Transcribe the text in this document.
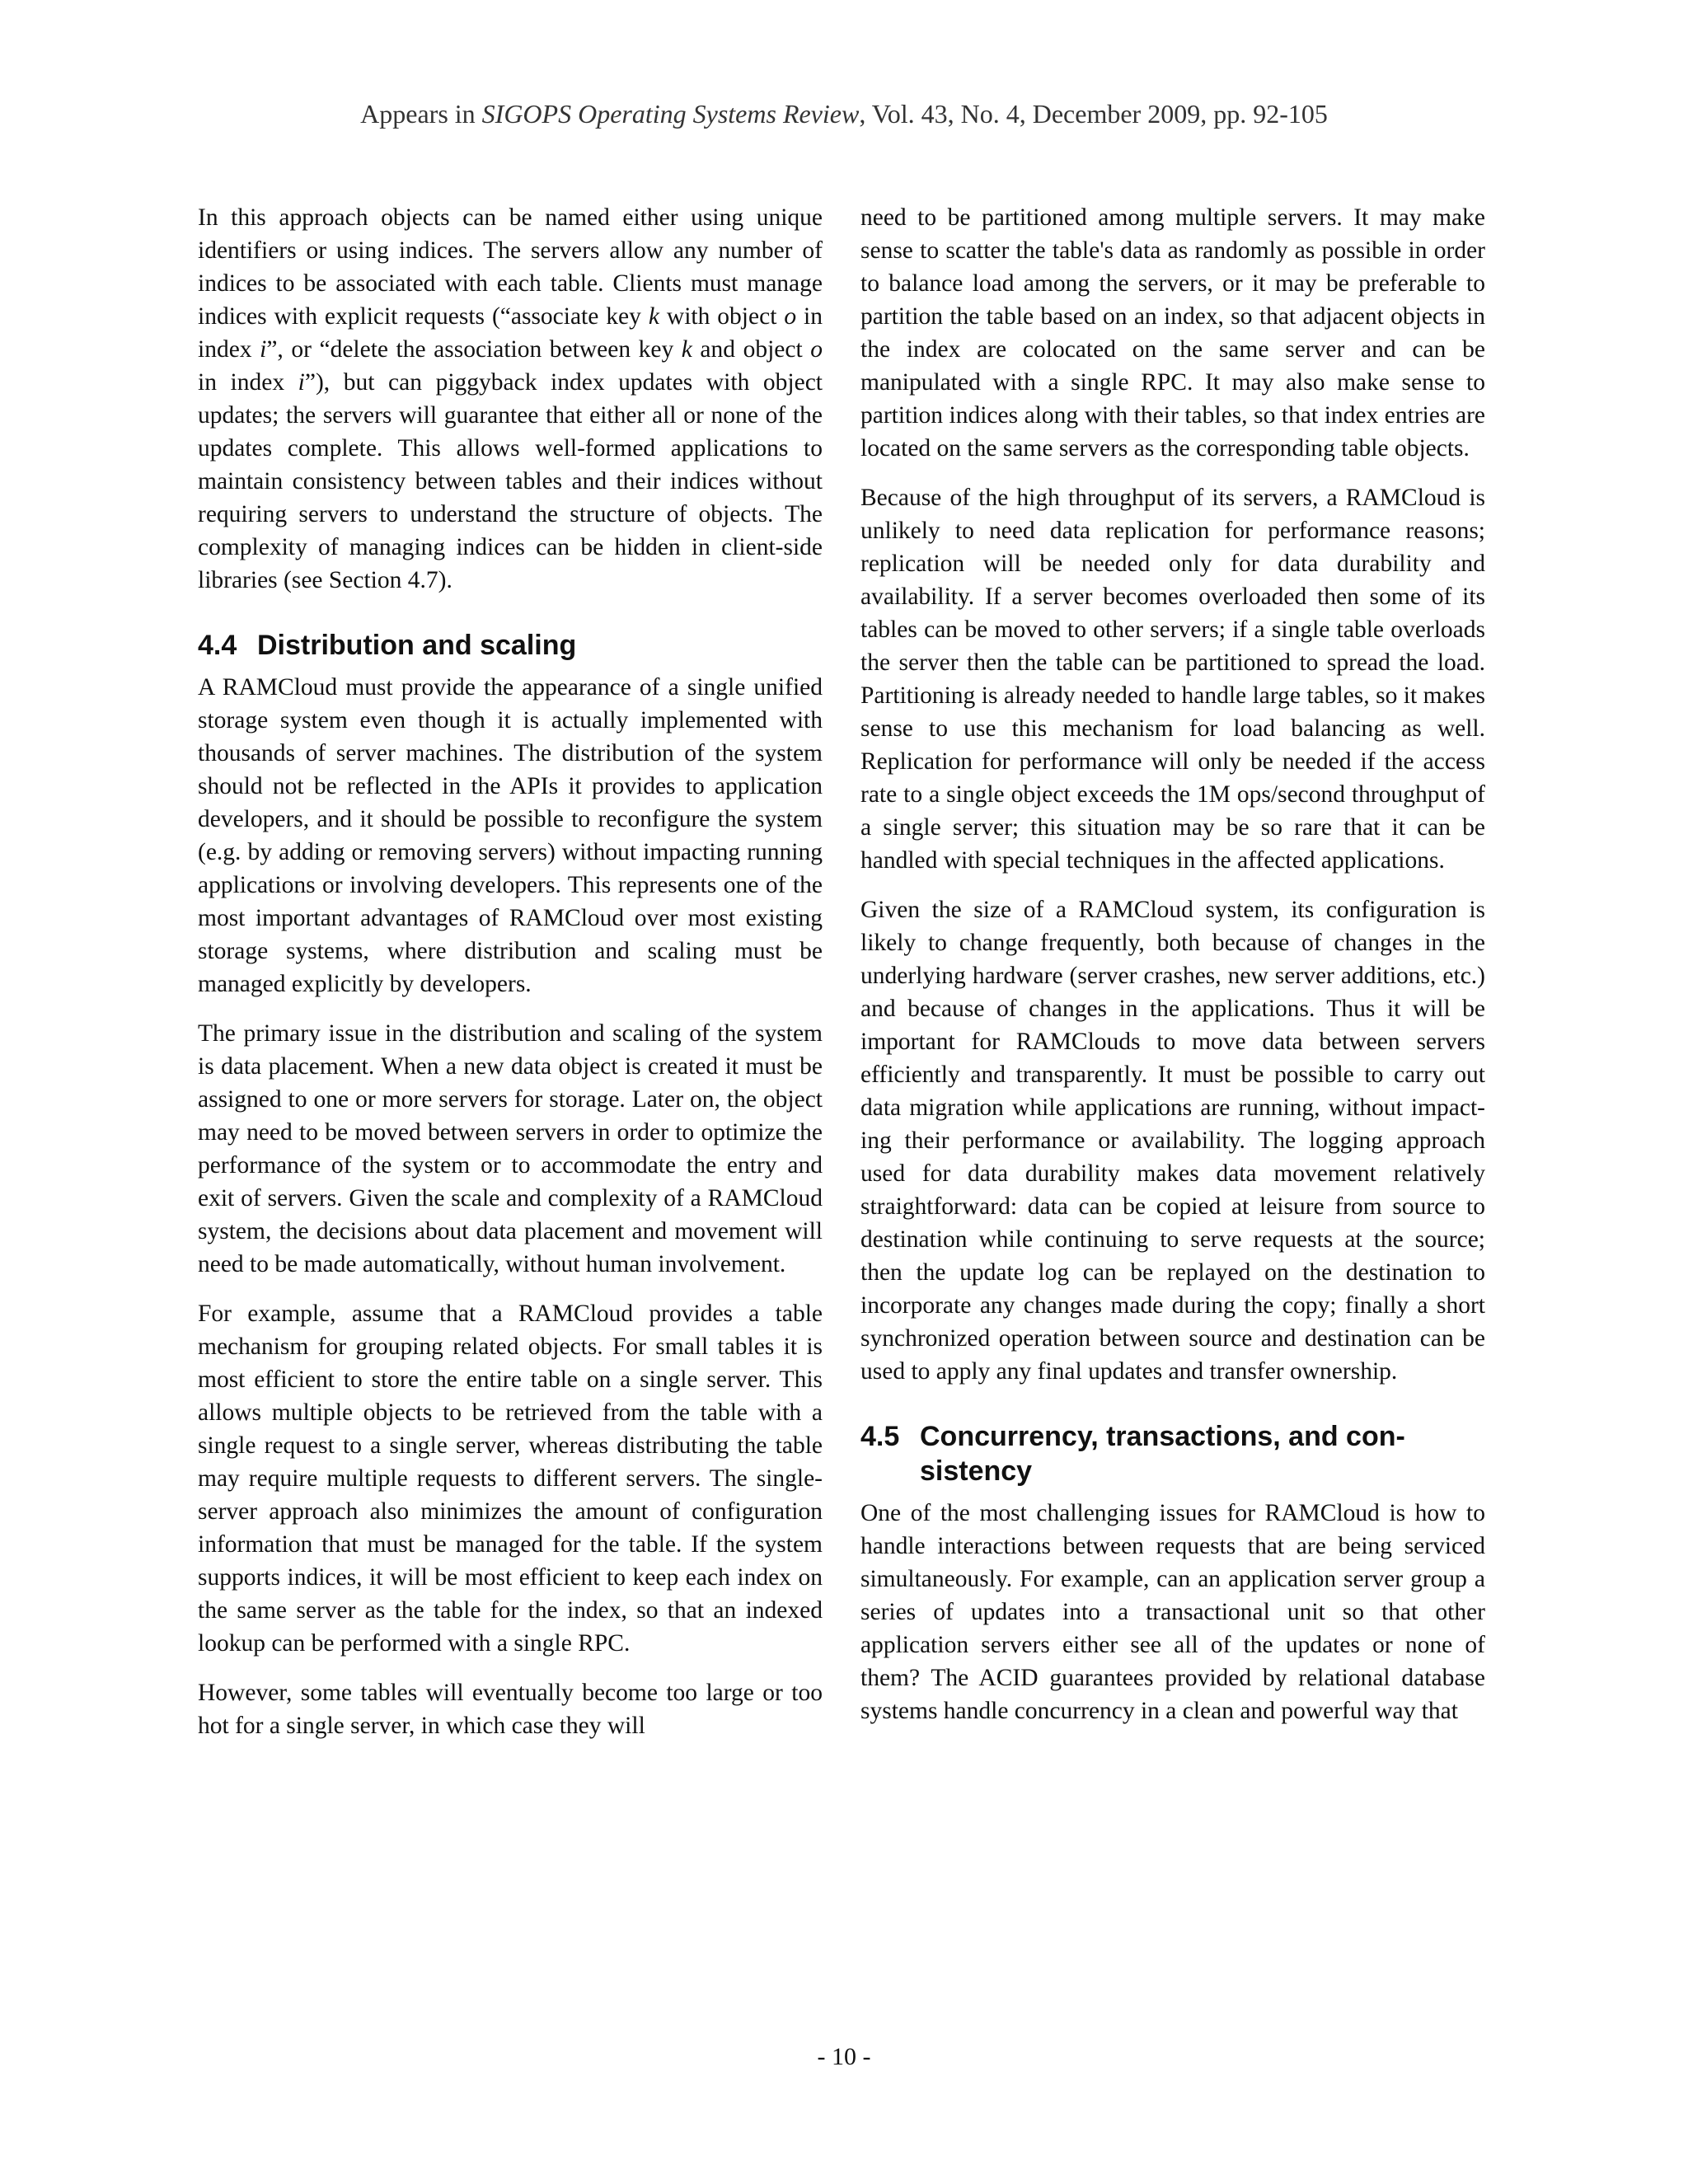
Appears in SIGOPS Operating Systems Review, Vol. 43, No. 4, December 2009, pp. 92-105

In this approach objects can be named either using unique identifiers or using indices. The servers allow any number of indices to be associated with each table. Clients must manage indices with explicit requests (“associate key k with object o in index i”, or “delete the association between key k and object o in index i”), but can piggyback index updates with object updates; the servers will guarantee that either all or none of the updates complete. This allows well-formed applications to maintain consistency between tables and their indices without requiring servers to understand the structure of objects. The complexity of managing indices can be hidden in client-side libraries (see Section 4.7).

4.4 Distribution and scaling

A RAMCloud must provide the appearance of a single unified storage system even though it is actually implemented with thousands of server machines. The distribution of the system should not be reflected in the APIs it provides to application developers, and it should be possible to reconfigure the system (e.g. by adding or removing servers) without impacting running applications or involving developers. This represents one of the most important advantages of RAMCloud over most existing storage systems, where distribution and scaling must be managed explicitly by developers.

The primary issue in the distribution and scaling of the system is data placement. When a new data object is created it must be assigned to one or more servers for storage. Later on, the object may need to be moved between servers in order to optimize the performance of the system or to accommodate the entry and exit of servers. Given the scale and complexity of a RAMCloud system, the decisions about data placement and movement will need to be made automatically, without human involvement.

For example, assume that a RAMCloud provides a table mechanism for grouping related objects. For small tables it is most efficient to store the entire table on a single server. This allows multiple objects to be retrieved from the table with a single request to a single server, whereas distributing the table may require multiple requests to different servers. The single-server approach also minimizes the amount of configuration information that must be managed for the table. If the system supports indices, it will be most efficient to keep each index on the same server as the table for the index, so that an indexed lookup can be performed with a single RPC.

However, some tables will eventually become too large or too hot for a single server, in which case they will

need to be partitioned among multiple servers. It may make sense to scatter the table's data as randomly as possible in order to balance load among the servers, or it may be preferable to partition the table based on an index, so that adjacent objects in the index are colocated on the same server and can be manipulated with a single RPC. It may also make sense to partition indices along with their tables, so that index entries are located on the same servers as the corresponding table objects.

Because of the high throughput of its servers, a RAMCloud is unlikely to need data replication for performance reasons; replication will be needed only for data durability and availability. If a server becomes overloaded then some of its tables can be moved to other servers; if a single table overloads the server then the table can be partitioned to spread the load. Partitioning is already needed to handle large tables, so it makes sense to use this mechanism for load balancing as well. Replication for performance will only be needed if the access rate to a single object exceeds the 1M ops/second throughput of a single server; this situation may be so rare that it can be handled with special techniques in the affected applications.

Given the size of a RAMCloud system, its configuration is likely to change frequently, both because of changes in the underlying hardware (server crashes, new server additions, etc.) and because of changes in the applications. Thus it will be important for RAMClouds to move data between servers efficiently and transparently. It must be possible to carry out data migration while applications are running, without impacting their performance or availability. The logging approach used for data durability makes data movement relatively straightforward: data can be copied at leisure from source to destination while continuing to serve requests at the source; then the update log can be replayed on the destination to incorporate any changes made during the copy; finally a short synchronized operation between source and destination can be used to apply any final updates and transfer ownership.

4.5 Concurrency, transactions, and consistency

One of the most challenging issues for RAMCloud is how to handle interactions between requests that are being serviced simultaneously. For example, can an application server group a series of updates into a transactional unit so that other application servers either see all of the updates or none of them? The ACID guarantees provided by relational database systems handle concurrency in a clean and powerful way that

- 10 -
